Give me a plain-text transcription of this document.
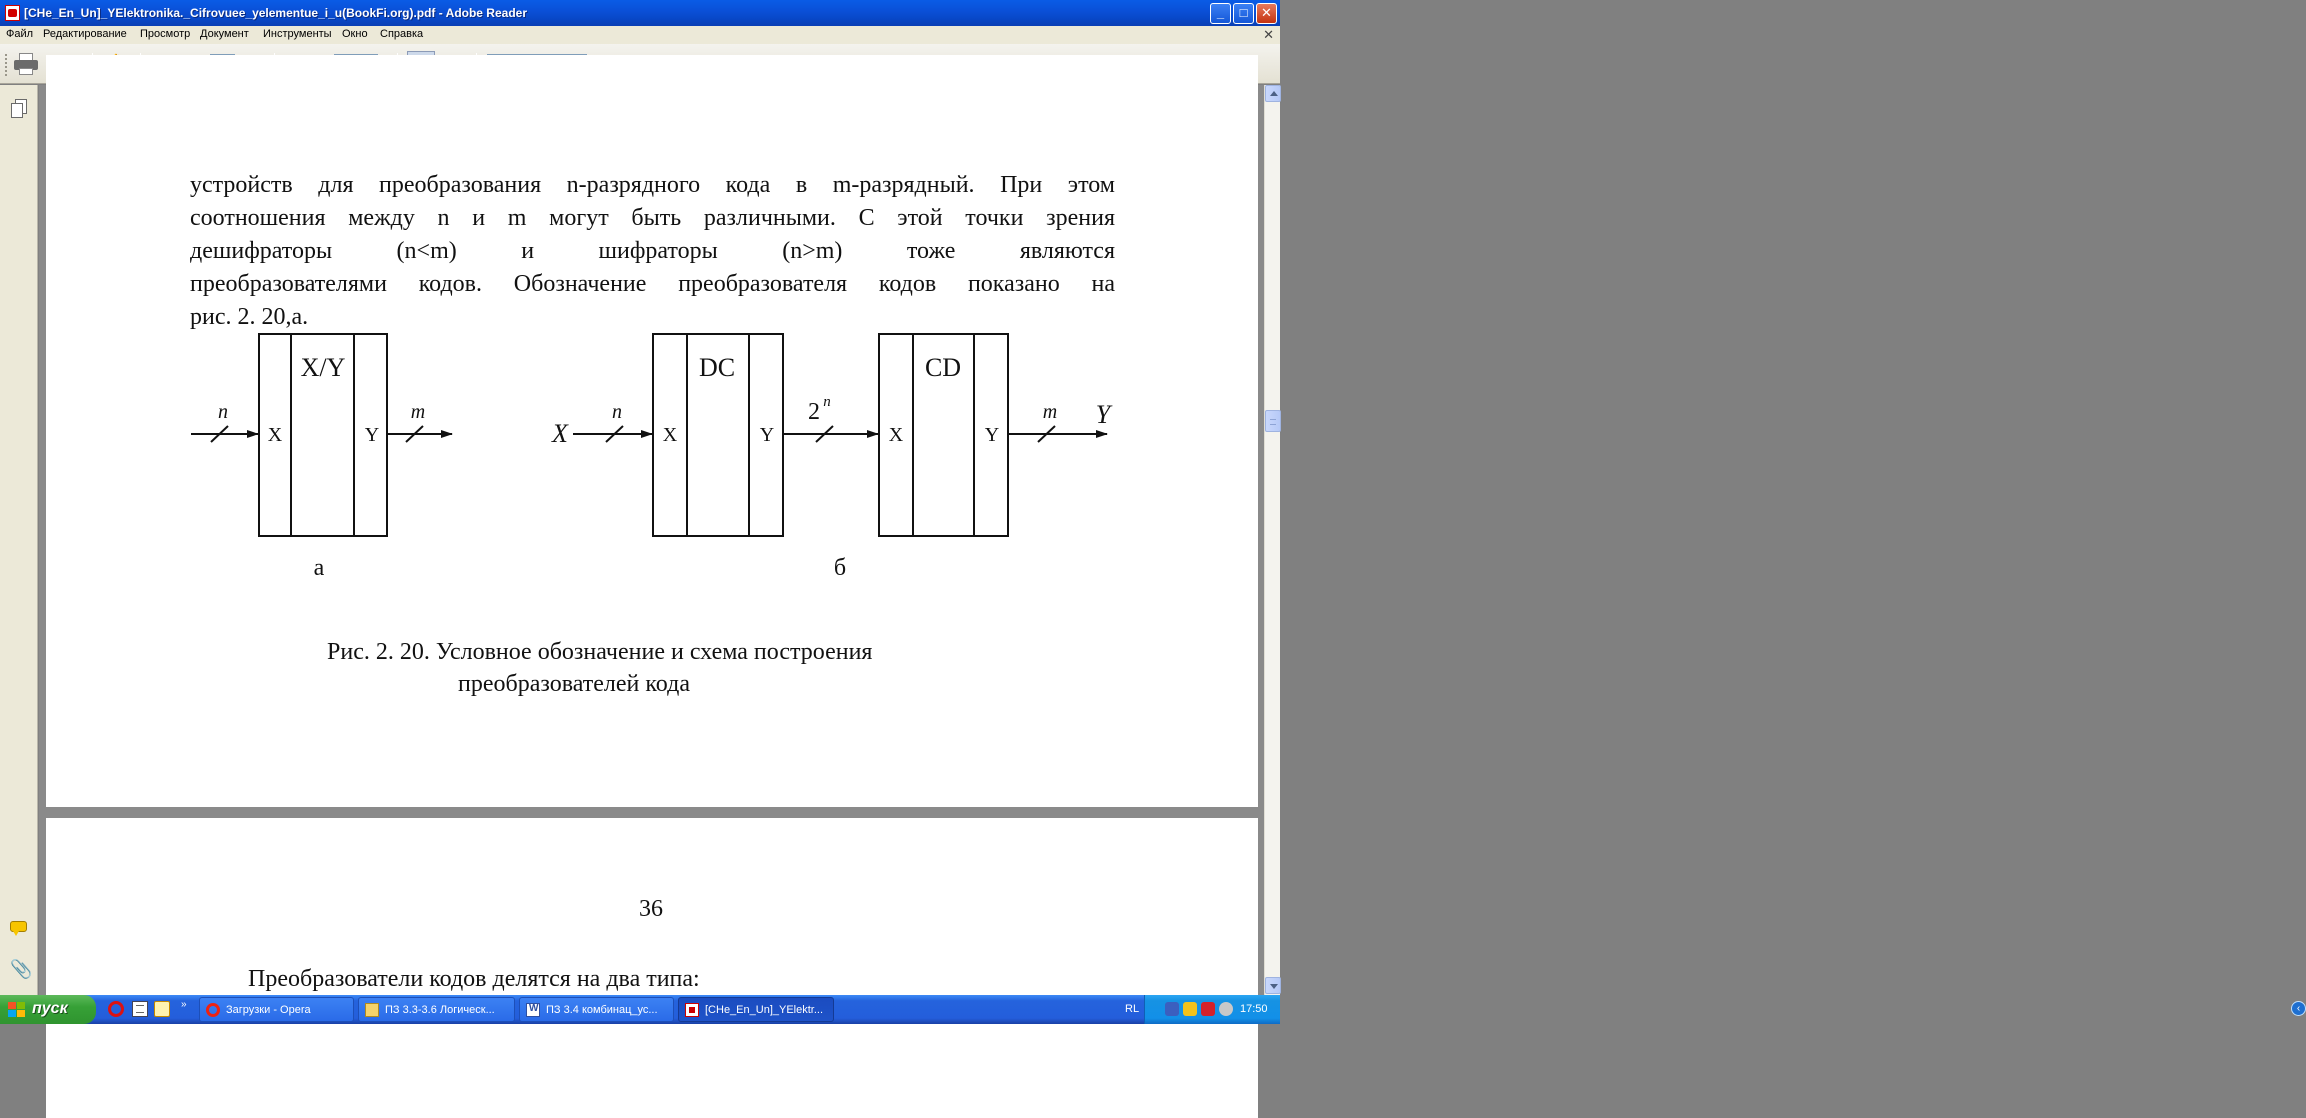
[CHe_En_Un]_YElektronika._Cifrovuee_yelementue_i_u(BookFi.org).pdf - Adobe Reader	_	□	✕
Файл Редактирование Просмотр Документ Инструменты Окно Справка	✕
📎
устройств для преобразования n-разрядного кода в m-разрядный. При этом
соотношения между n и m могут быть различными. С этой точки зрения
дешифраторы (n<m) и шифраторы (n>m) тоже являются
преобразователями кодов. Обозначение преобразователя кодов показано на
рис. 2. 20,а.
X/Y
X	Y
n	m
а
X
n
DC
X	Y
2 n
CD
X	Y
m Y
б
Рис. 2. 20. Условное обозначение и схема построения
преобразователей кода
36
Преобразователи кодов делятся на два типа:
пуск	»	Загрузки - Opera	ПЗ 3.3-3.6 Логическ...
W	ПЗ 3.4 комбинац_ус...	[CHe_En_Un]_YElektr...	RL	‹
17:50
